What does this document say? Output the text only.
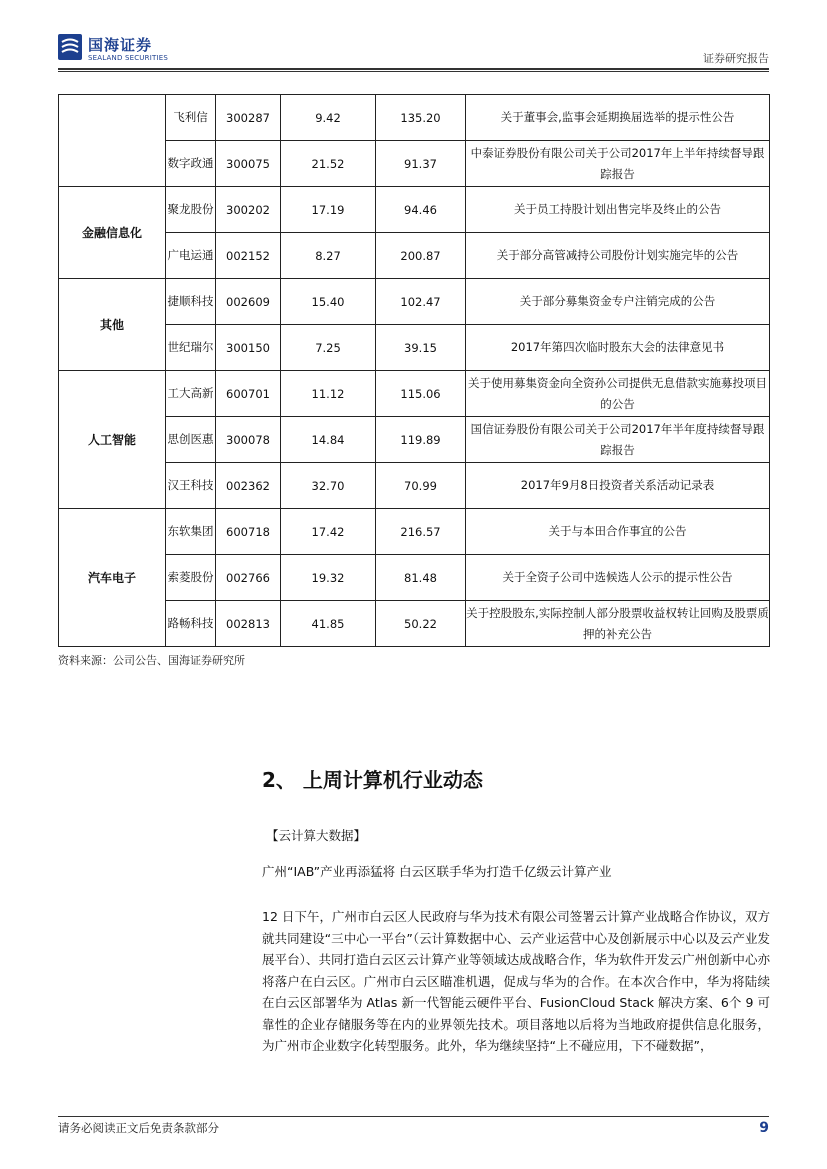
国海证券
SEALAND SECURITIES	证券研究报告
	飞利信	300287	9.42	135.20	关于董事会,监事会延期换届选举的提示性公告
	数字政通	300075	21.52	91.37	中泰证券股份有限公司关于公司2017年上半年持续督导跟踪报告
金融信息化	聚龙股份	300202	17.19	94.46	关于员工持股计划出售完毕及终止的公告
	广电运通	002152	8.27	200.87	关于部分高管减持公司股份计划实施完毕的公告
其他	捷顺科技	002609	15.40	102.47	关于部分募集资金专户注销完成的公告
	世纪瑞尔	300150	7.25	39.15	2017年第四次临时股东大会的法律意见书
人工智能	工大高新	600701	11.12	115.06	关于使用募集资金向全资孙公司提供无息借款实施募投项目的公告
	思创医惠	300078	14.84	119.89	国信证券股份有限公司关于公司2017年半年度持续督导跟踪报告
	汉王科技	002362	32.70	70.99	2017年9月8日投资者关系活动记录表
汽车电子	东软集团	600718	17.42	216.57	关于与本田合作事宜的公告
	索菱股份	002766	19.32	81.48	关于全资子公司中选候选人公示的提示性公告
	路畅科技	002813	41.85	50.22	关于控股股东,实际控制人部分股票收益权转让回购及股票质押的补充公告
资料来源：公司公告、国海证券研究所
2、 上周计算机行业动态
【云计算大数据】
广州“IAB”产业再添猛将 白云区联手华为打造千亿级云计算产业
12 日下午，广州市白云区人民政府与华为技术有限公司签署云计算产业战略合作协议，双方就共同建设“三中心一平台”（云计算数据中心、云产业运营中心及创新展示中心以及云产业发展平台）、共同打造白云区云计算产业等领域达成战略合作，华为软件开发云广州创新中心亦将落户在白云区。广州市白云区瞄准机遇，促成与华为的合作。在本次合作中，华为将陆续在白云区部署华为 Atlas 新一代智能云硬件平台、FusionCloud Stack 解决方案、6个 9 可靠性的企业存储服务等在内的业界领先技术。项目落地以后将为当地政府提供信息化服务，为广州市企业数字化转型服务。此外，华为继续坚持“上不碰应用，下不碰数据”，
请务必阅读正文后免责条款部分	9
